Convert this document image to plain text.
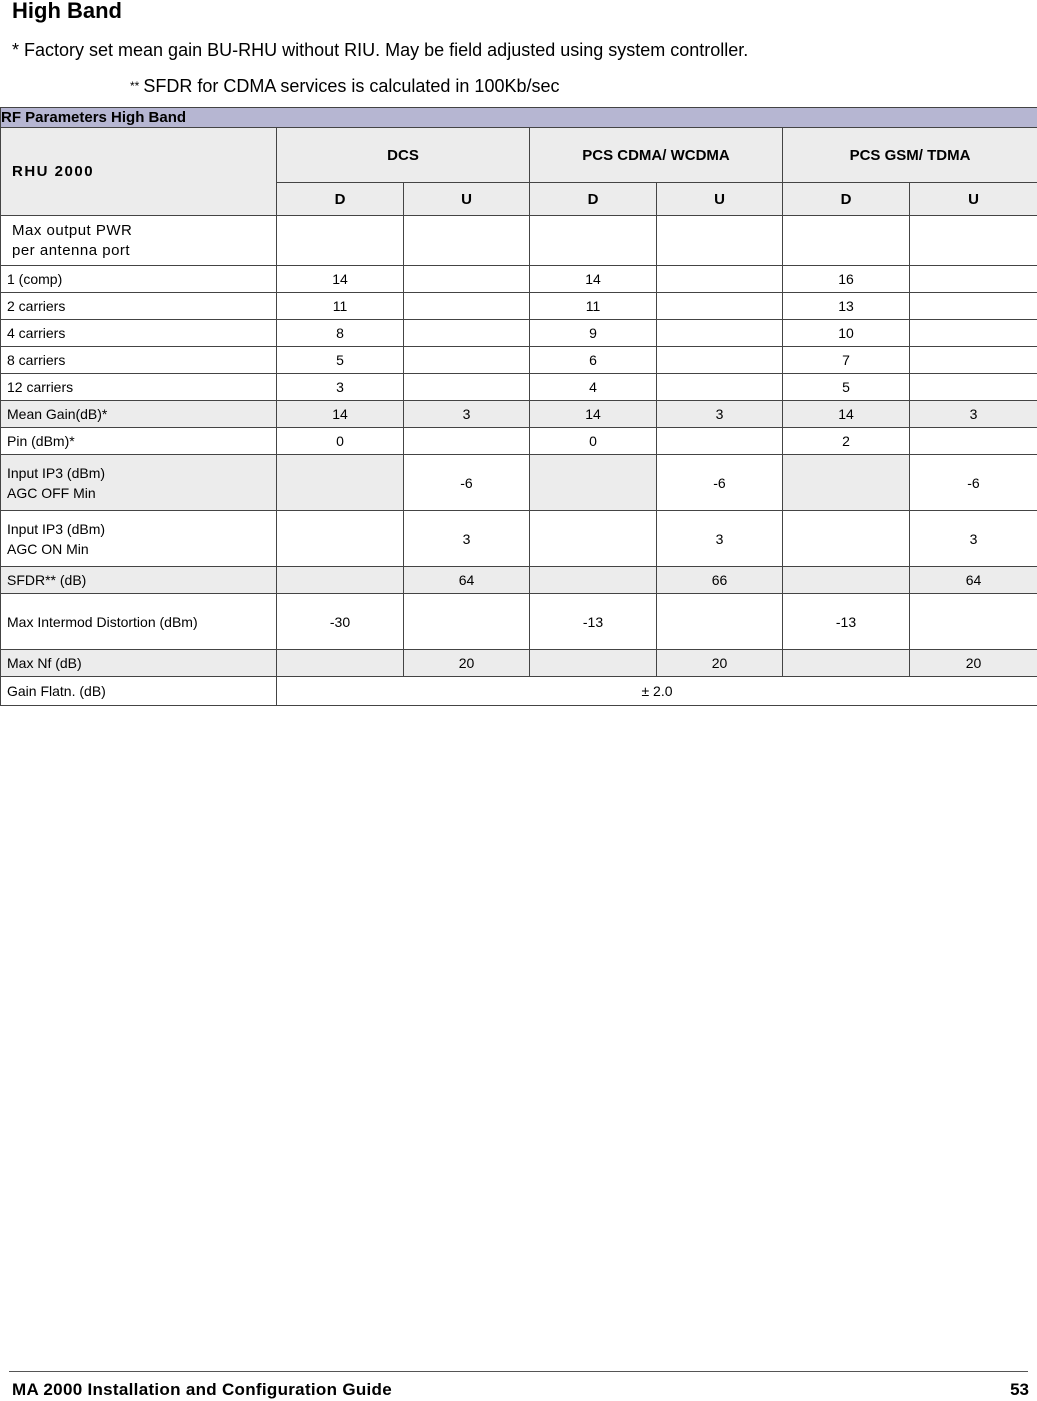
High Band
* Factory set mean gain BU-RHU without RIU. May be field adjusted using system controller.
** SFDR for CDMA services is calculated in 100Kb/sec
RF Parameters High Band						
RHU 2000	DCS		PCS CDMA/ WCDMA		PCS GSM/ TDMA	
	D	U	D	U	D	U
Max output PWR
per antenna port						
1 (comp)	14		14		16	
2 carriers	11		11		13	
4 carriers	8		9		10	
8 carriers	5		6		7	
12 carriers	3		4		5	
Mean Gain(dB)*	14	3	14	3	14	3
Pin (dBm)*	0		0		2	
Input IP3 (dBm)
AGC OFF Min		-6		-6		-6
Input IP3 (dBm)
AGC ON Min		3		3		3
SFDR** (dB)		64		66		64
Max Intermod Distortion (dBm)	-30		-13		-13	
Max Nf (dB)		20		20		20
Gain Flatn. (dB)	± 2.0					
MA 2000 Installation and Configuration Guide	53
